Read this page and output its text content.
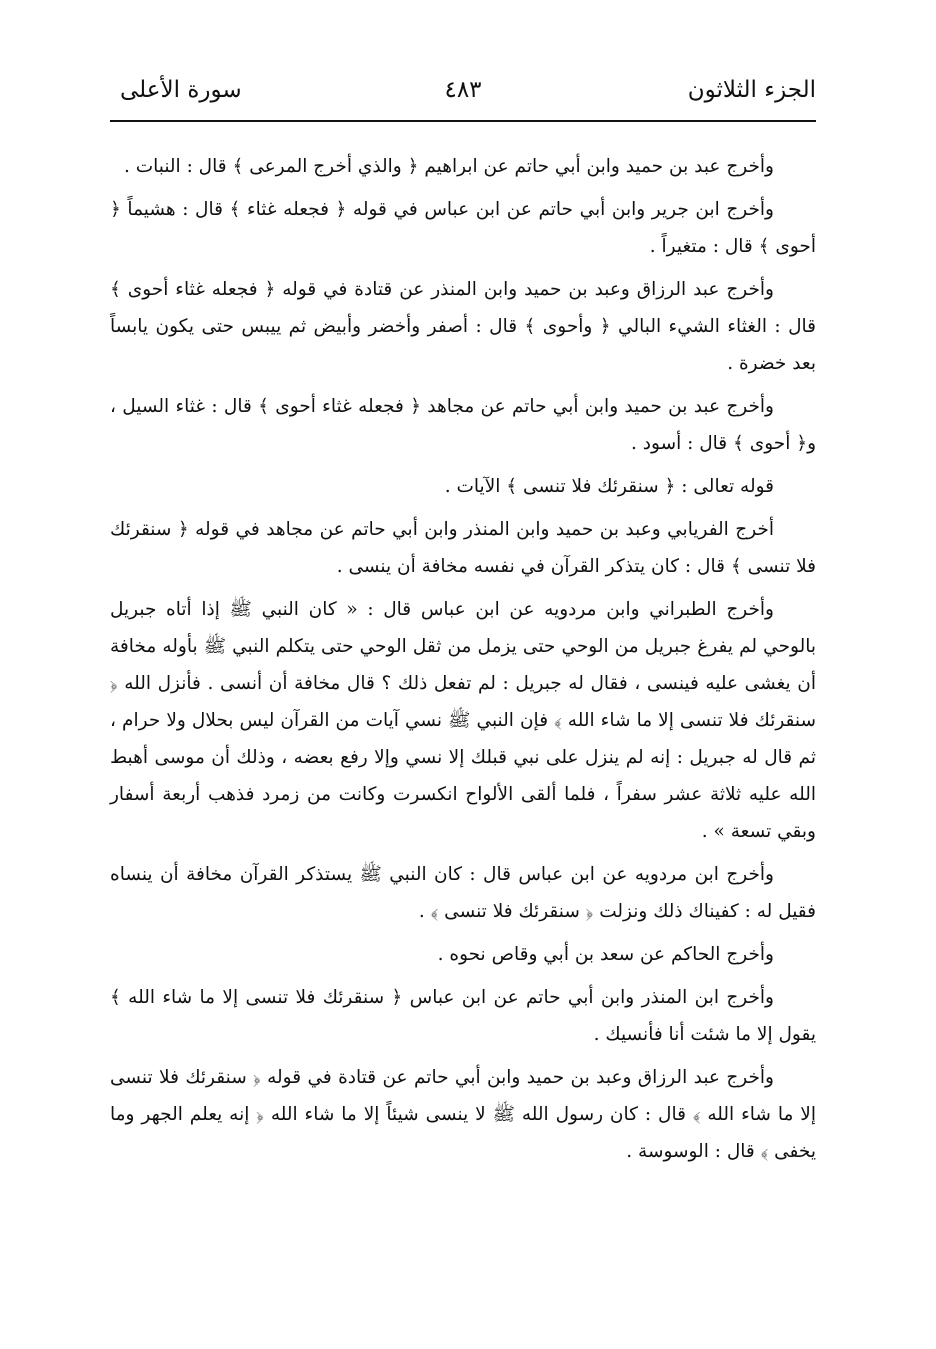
الجزء الثلاثون
٤٨٣
سورة الأعلى

وأخرج عبد بن حميد وابن أبي حاتم عن ابراهيم ﴿ والذي أخرج المرعى ﴾ قال : النبات .

وأخرج ابن جرير وابن أبي حاتم عن ابن عباس في قوله ﴿ فجعله غثاء ﴾ قال : هشيماً ﴿ أحوى ﴾ قال : متغيراً .

وأخرج عبد الرزاق وعبد بن حميد وابن المنذر عن قتادة في قوله ﴿ فجعله غثاء أحوى ﴾ قال : الغثاء الشيء البالي ﴿ وأحوى ﴾ قال : أصفر وأخضر وأبيض ثم ييبس حتى يكون يابساً بعد خضرة .

وأخرج عبد بن حميد وابن أبي حاتم عن مجاهد ﴿ فجعله غثاء أحوى ﴾ قال : غثاء السيل ، و﴿ أحوى ﴾ قال : أسود .

قوله تعالى : ﴿ سنقرئك فلا تنسى ﴾ الآيات .

أخرج الفريابي وعبد بن حميد وابن المنذر وابن أبي حاتم عن مجاهد في قوله ﴿ سنقرئك فلا تنسى ﴾ قال : كان يتذكر القرآن في نفسه مخافة أن ينسى .

وأخرج الطبراني وابن مردويه عن ابن عباس قال : « كان النبي ﷺ إذا أتاه جبريل بالوحي لم يفرغ جبريل من الوحي حتى يزمل من ثقل الوحي حتى يتكلم النبي ﷺ بأوله مخافة أن يغشى عليه فينسى ، فقال له جبريل : لم تفعل ذلك ؟ قال مخافة أن أنسى . فأنزل الله ﴿ سنقرئك فلا تنسى إلا ما شاء الله ﴾ فإن النبي ﷺ نسي آيات من القرآن ليس بحلال ولا حرام ، ثم قال له جبريل : إنه لم ينزل على نبي قبلك إلا نسي وإلا رفع بعضه ، وذلك أن موسى أهبط الله عليه ثلاثة عشر سفراً ، فلما ألقى الألواح انكسرت وكانت من زمرد فذهب أربعة أسفار وبقي تسعة » .

وأخرج ابن مردويه عن ابن عباس قال : كان النبي ﷺ يستذكر القرآن مخافة أن ينساه فقيل له : كفيناك ذلك ونزلت ﴿ سنقرئك فلا تنسى ﴾ .

وأخرج الحاكم عن سعد بن أبي وقاص نحوه .

وأخرج ابن المنذر وابن أبي حاتم عن ابن عباس ﴿ سنقرئك فلا تنسى إلا ما شاء الله ﴾ يقول إلا ما شئت أنا فأنسيك .

وأخرج عبد الرزاق وعبد بن حميد وابن أبي حاتم عن قتادة في قوله ﴿ سنقرئك فلا تنسى إلا ما شاء الله ﴾ قال : كان رسول الله ﷺ لا ينسى شيئاً إلا ما شاء الله ﴿ إنه يعلم الجهر وما يخفى ﴾ قال : الوسوسة .
